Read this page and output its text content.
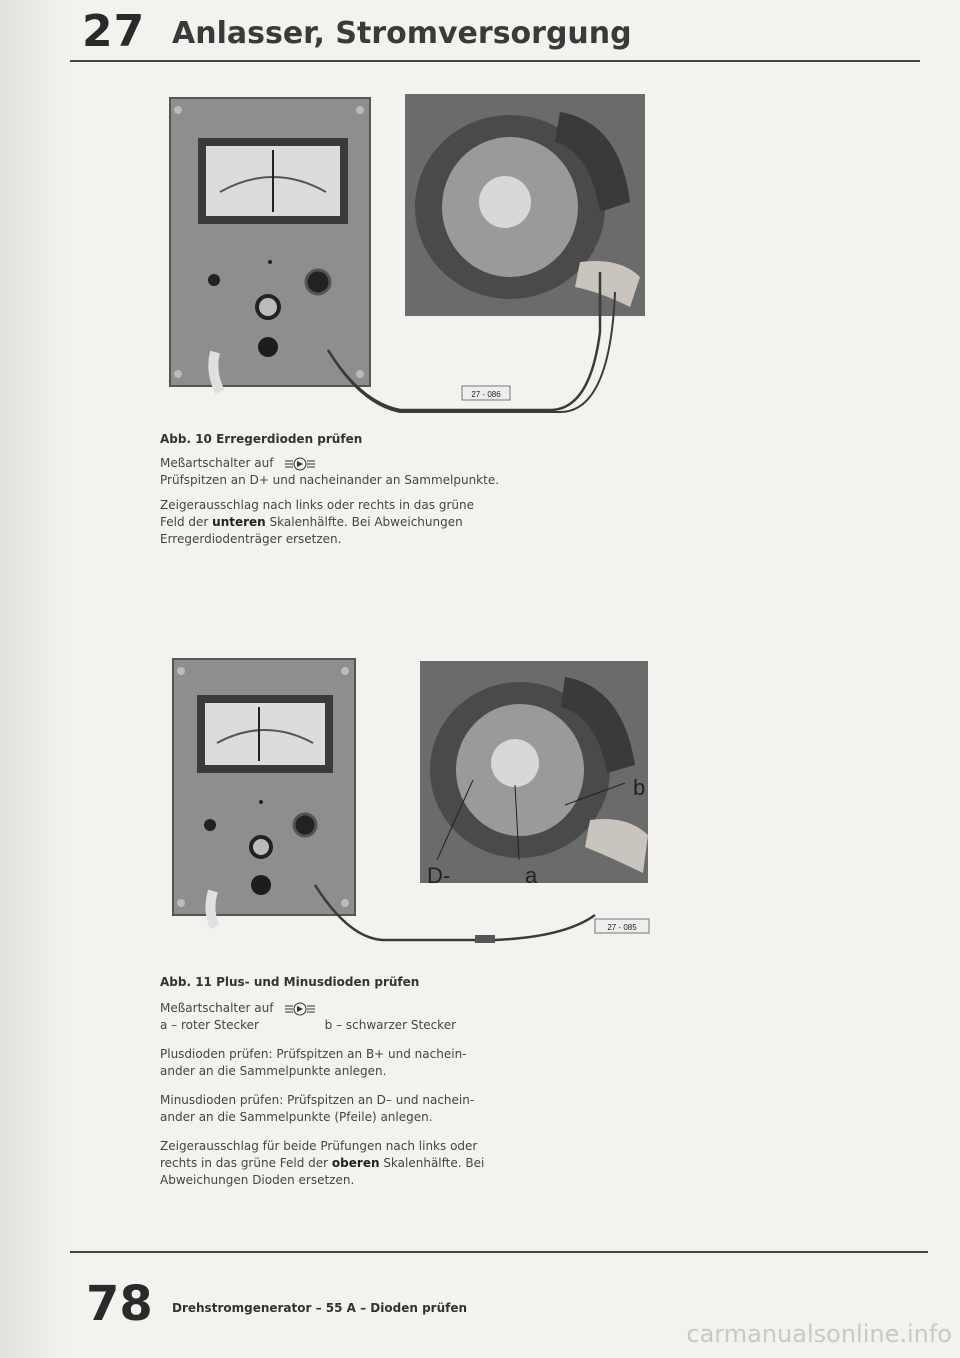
27 Anlasser, Stromversorgung
27 - 086
Abb. 10 Erregerdioden prüfen
Meßartschalter auf
Prüfspitzen an D+ und nacheinander an Sammelpunkte.
Zeigerausschlag nach links oder rechts in das grüne
Feld der unteren Skalenhälfte. Bei Abweichungen
Erregerdiodenträger ersetzen.
b
D-	a
27 - 085
Abb. 11 Plus- und Minusdioden prüfen
Meßartschalter auf
a – roter Stecker	b – schwarzer Stecker
Plusdioden prüfen: Prüfspitzen an B+ und nachein-
ander an die Sammelpunkte anlegen.
Minusdioden prüfen: Prüfspitzen an D– und nachein-
ander an die Sammelpunkte (Pfeile) anlegen.
Zeigerausschlag für beide Prüfungen nach links oder
rechts in das grüne Feld der oberen Skalenhälfte. Bei
Abweichungen Dioden ersetzen.
78 Drehstromgenerator – 55 A – Dioden prüfen
carmanualsonline.info
